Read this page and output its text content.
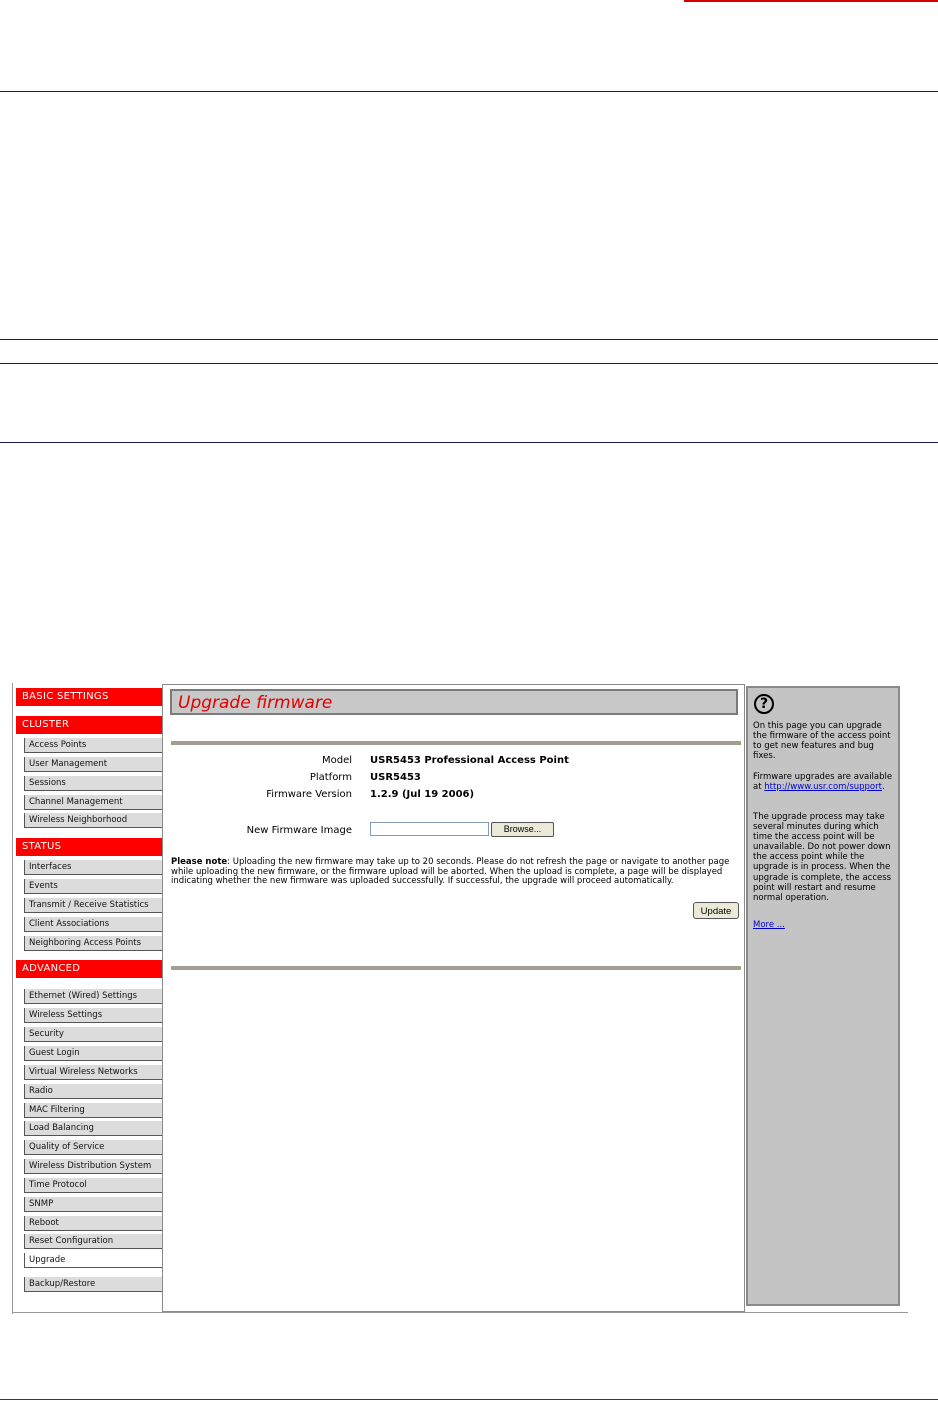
BASIC SETTINGS
CLUSTER
Access Points
User Management
Sessions
Channel Management
Wireless Neighborhood
STATUS
Interfaces
Events
Transmit / Receive Statistics
Client Associations
Neighboring Access Points
ADVANCED
Ethernet (Wired) Settings
Wireless Settings
Security
Guest Login
Virtual Wireless Networks
Radio
MAC Filtering
Load Balancing
Quality of Service
Wireless Distribution System
Time Protocol
SNMP
Reboot
Reset Configuration
Upgrade
Backup/Restore
Upgrade firmware
Model USR5453 Professional Access Point
Platform USR5453
Firmware Version 1.2.9 (Jul 19 2006)
New Firmware Image	Browse...
Please note: Uploading the new firmware may take up to 20 seconds. Please do not refresh the page or navigate to another page while uploading the new firmware, or the firmware upload will be aborted. When the upload is complete, a page will be displayed indicating whether the new firmware was uploaded successfully. If successful, the upgrade will proceed automatically.
Update
?

On this page you can upgrade the firmware of the access point to get new features and bug fixes.

Firmware upgrades are available at http://www.usr.com/support.

The upgrade process may take several minutes during which time the access point will be unavailable. Do not power down the access point while the upgrade is in process. When the upgrade is complete, the access point will restart and resume normal operation.

More ...
